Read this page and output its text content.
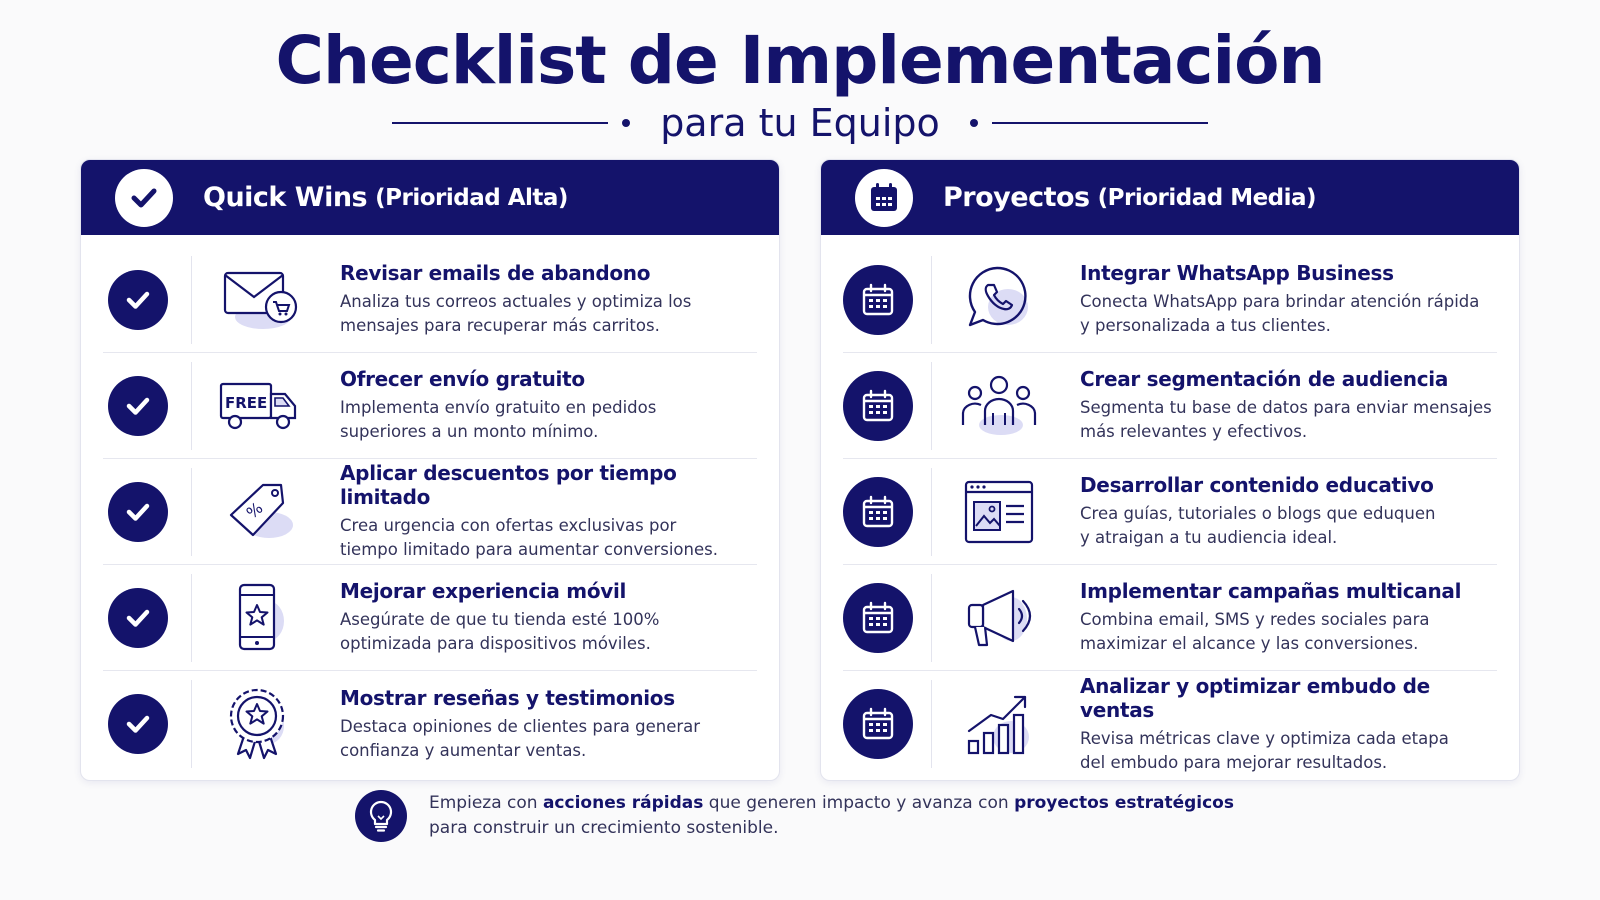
Checklist de Implementación
para tu Equipo
Quick Wins (Prioridad Alta)
Revisar emails de abandono
Analiza tus correos actuales y optimiza los
mensajes para recuperar más carritos.
FREE
Ofrecer envío gratuito
Implementa envío gratuito en pedidos
superiores a un monto mínimo.
%
Aplicar descuentos por tiempo limitado
Crea urgencia con ofertas exclusivas por
tiempo limitado para aumentar conversiones.
Mejorar experiencia móvil
Asegúrate de que tu tienda esté 100%
optimizada para dispositivos móviles.
Mostrar reseñas y testimonios
Destaca opiniones de clientes para generar
confianza y aumentar ventas.
Proyectos (Prioridad Media)
Integrar WhatsApp Business
Conecta WhatsApp para brindar atención rápida
y personalizada a tus clientes.
Crear segmentación de audiencia
Segmenta tu base de datos para enviar mensajes
más relevantes y efectivos.
Desarrollar contenido educativo
Crea guías, tutoriales o blogs que eduquen
y atraigan a tu audiencia ideal.
Implementar campañas multicanal
Combina email, SMS y redes sociales para
maximizar el alcance y las conversiones.
Analizar y optimizar embudo de ventas
Revisa métricas clave y optimiza cada etapa
del embudo para mejorar resultados.
Empieza con acciones rápidas que generen impacto y avanza con proyectos estratégicos
para construir un crecimiento sostenible.
